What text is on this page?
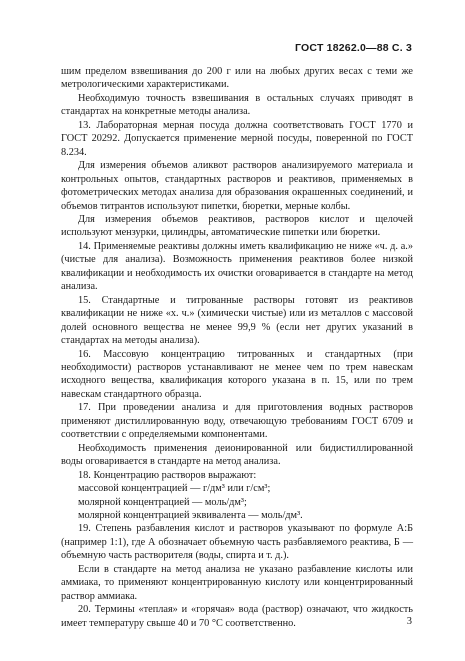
ГОСТ 18262.0—88 С. 3

шим пределом взвешивания до 200 г или на любых других весах с теми же метрологическими характеристиками.

Необходимую точность взвешивания в остальных случаях приводят в стандартах на конкретные методы анализа.

13. Лабораторная мерная посуда должна соответствовать ГОСТ 1770 и ГОСТ 20292. Допускается применение мерной посуды, поверенной по ГОСТ 8.234.

Для измерения объемов аликвот растворов анализируемого материала и контрольных опытов, стандартных растворов и реактивов, применяемых в фотометрических методах анализа для образования окрашенных соединений, и объемов титрантов используют пипетки, бюретки, мерные колбы.

Для измерения объемов реактивов, растворов кислот и щелочей используют мензурки, цилиндры, автоматические пипетки или бюретки.

14. Применяемые реактивы должны иметь квалификацию не ниже «ч. д. а.» (чистые для анализа). Возможность применения реактивов более низкой квалификации и необходимость их очистки оговаривается в стандарте на метод анализа.

15. Стандартные и титрованные растворы готовят из реактивов квалификации не ниже «х. ч.» (химически чистые) или из металлов с массовой долей основного вещества не менее 99,9 % (если нет других указаний в стандартах на методы анализа).

16. Массовую концентрацию титрованных и стандартных (при необходимости) растворов устанавливают не менее чем по трем навескам исходного вещества, квалификация которого указана в п. 15, или по трем навескам стандартного образца.

17. При проведении анализа и для приготовления водных растворов применяют дистиллированную воду, отвечающую требованиям ГОСТ 6709 и соответствии с определяемыми компонентами.

Необходимость применения деионированной или бидистиллированной воды оговаривается в стандарте на метод анализа.

18. Концентрацию растворов выражают:

массовой концентрацией — г/дм³ или г/см³;

молярной концентрацией — моль/дм³;

молярной концентрацией эквивалента — моль/дм³.

19. Степень разбавления кислот и растворов указывают по формуле А:Б (например 1:1), где А обозначает объемную часть разбавляемого реактива, Б — объемную часть растворителя (воды, спирта и т. д.).

Если в стандарте на метод анализа не указано разбавление кислоты или аммиака, то применяют концентрированную кислоту или концентрированный раствор аммиака.

20. Термины «теплая» и «горячая» вода (раствор) означают, что жидкость имеет температуру свыше 40 и 70 °С соответственно.	3
